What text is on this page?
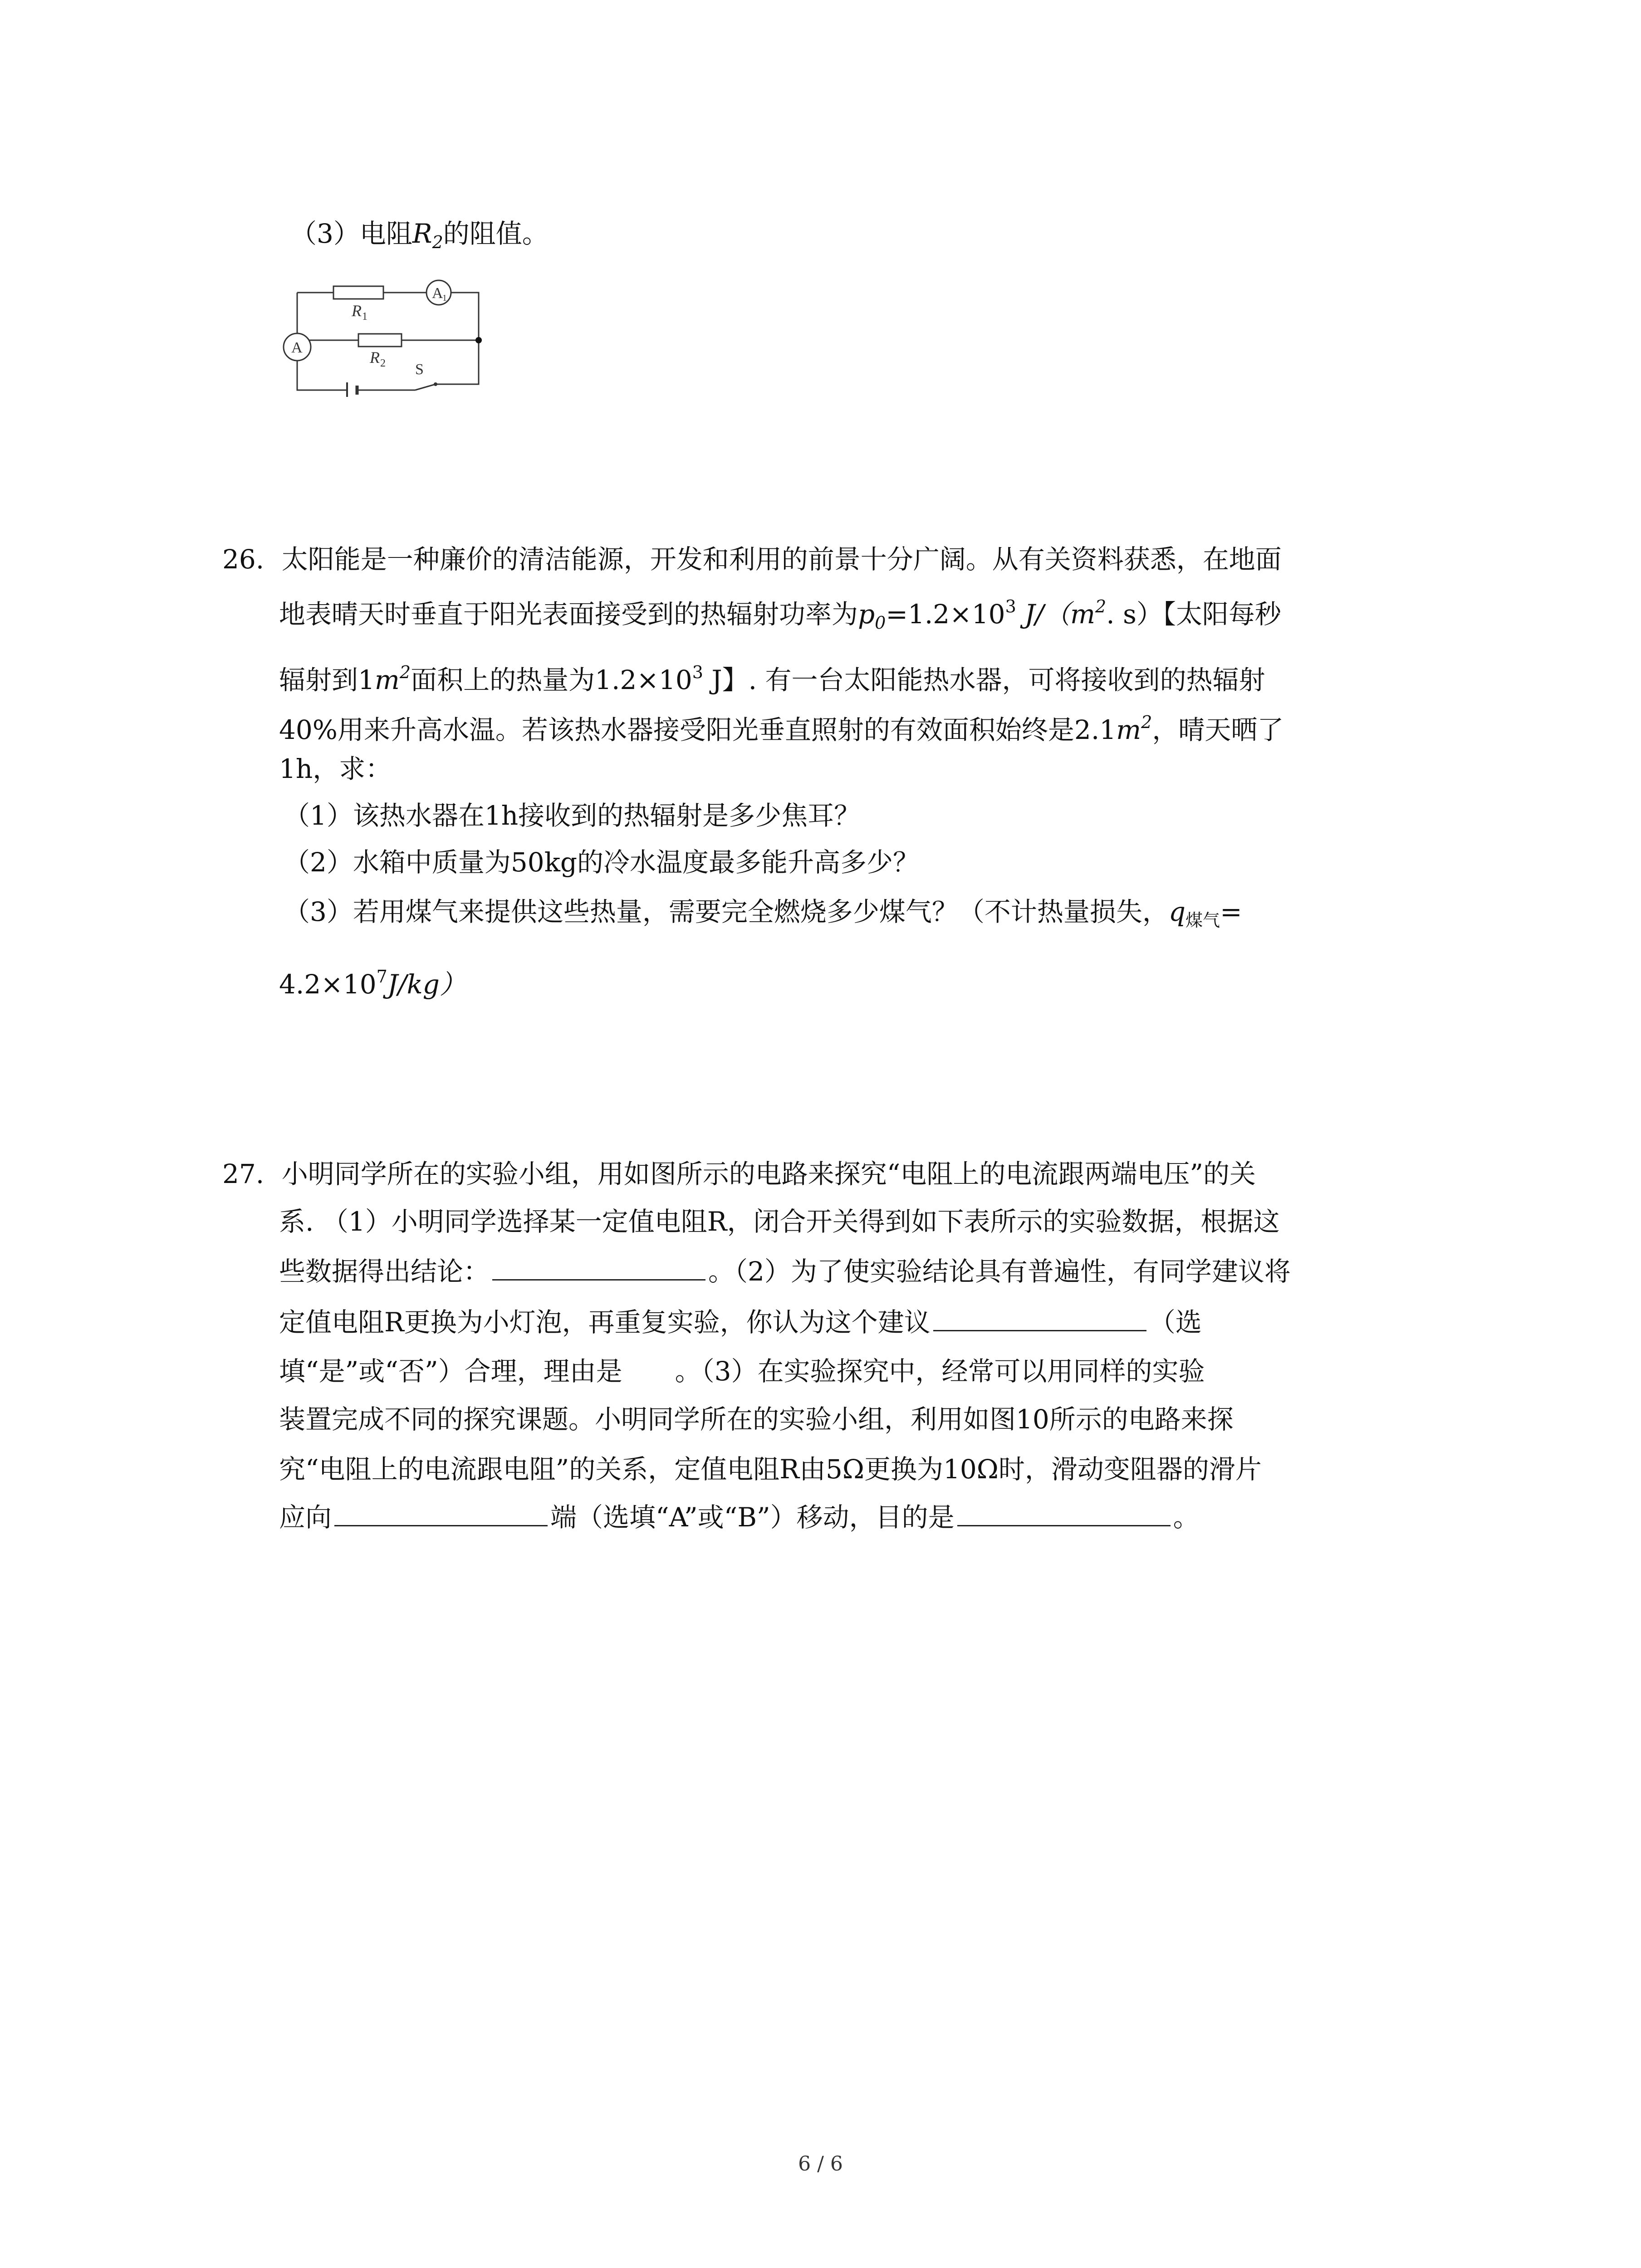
（3）电阻$R_2$的阻值。
R 1
A
1
R 2
A
S
26. 太阳能是一种廉价的清洁能源，开发和利用的前景十分广阔。从有关资料获悉，在地面
地表晴天时垂直于阳光表面接受到的热辐射功率为$p_0=1.2\times 10^3$ $J/(m^2$. s）【太阳每秒
辐射到$1m^2$面积上的热量为$1.2\times 10^3$ J】. 有一台太阳能热水器，可将接收到的热辐射
40%用来升高水温。若该热水器接受阳光垂直照射的有效面积始终是$2.1m^2$，晴天晒了
1h，求：
（1）该热水器在1h接收到的热辐射是多少焦耳？
（2）水箱中质量为50kg的冷水温度最多能升高多少？
（3）若用煤气来提供这些热量，需要完全燃烧多少煤气？（不计热量损失，$q_{煤气}=$
$4.2\times 10^7J/kg$）
27. 小明同学所在的实验小组，用如图所示的电路来探究“电阻上的电流跟两端电压”的关
系. （1）小明同学选择某一定值电阻R，闭合开关得到如下表所示的实验数据，根据这
些数据得出结论：	。（2）为了使实验结论具有普遍性，有同学建议将
定值电阻R更换为小灯泡，再重复实验，你认为这个建议	（选
填“是”或“否”）合理，理由是　　。（3）在实验探究中，经常可以用同样的实验
装置完成不同的探究课题。小明同学所在的实验小组，利用如图10所示的电路来探
究“电阻上的电流跟电阻”的关系，定值电阻R由5Ω更换为10Ω时，滑动变阻器的滑片
应向	端（选填“A”或“B”）移动，目的是	。
6 / 6
